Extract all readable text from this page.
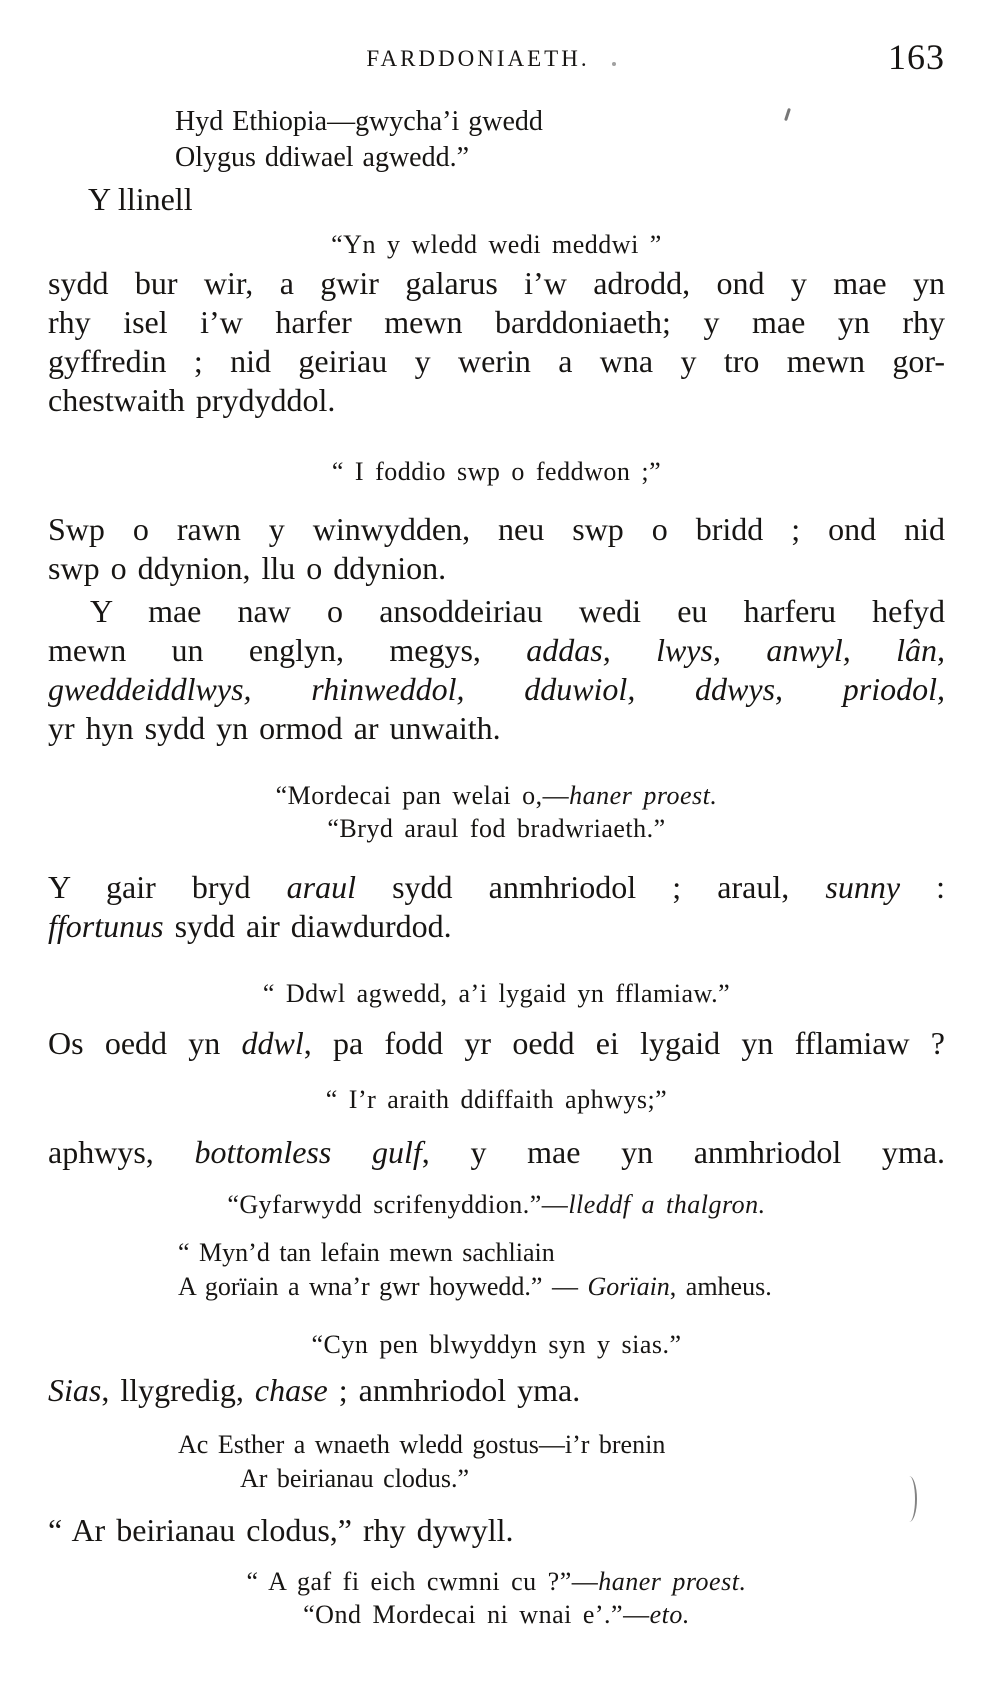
FARDDONIAETH.	163
Hyd Ethiopia—gwycha’i gwedd
Olygus ddiwael agwedd.”
Y llinell
“Yn y wledd wedi meddwi ”
sydd bur wir, a gwir galarus i’w adrodd, ond y mae yn
rhy isel i’w harfer mewn barddoniaeth; y mae yn rhy
gyffredin ; nid geiriau y werin a wna y tro mewn gor-
chestwaith prydyddol.
“ I foddio swp o feddwon ;”
Swp o rawn y winwydden, neu swp o bridd ; ond nid
swp o ddynion, llu o ddynion.
Y mae naw o ansoddeiriau wedi eu harferu hefyd
mewn un englyn, megys, addas, lwys, anwyl, lân,
gweddeiddlwys, rhinweddol, dduwiol, ddwys, priodol,
yr hyn sydd yn ormod ar unwaith.
“Mordecai pan welai o,—haner proest.
“Bryd araul fod bradwriaeth.”
Y gair bryd araul sydd anmhriodol ; araul, sunny :
ffortunus sydd air diawdurdod.
“ Ddwl agwedd, a’i lygaid yn fflamiaw.”
Os oedd yn ddwl, pa fodd yr oedd ei lygaid yn fflamiaw ?
“ I’r araith ddiffaith aphwys;”
aphwys, bottomless gulf, y mae yn anmhriodol yma.
“Gyfarwydd scrifenyddion.”—lleddf a thalgron.
“ Myn’d tan lefain mewn sachliain
A gorïain a wna’r gwr hoywedd.” — Gorïain, amheus.
“Cyn pen blwyddyn syn y sias.”
Sias, llygredig, chase ; anmhriodol yma.
Ac Esther a wnaeth wledd gostus—i’r brenin
Ar beirianau clodus.”
“ Ar beirianau clodus,” rhy dywyll.
“ A gaf fi eich cwmni cu ?”—haner proest.
“Ond Mordecai ni wnai e’.”—eto.
